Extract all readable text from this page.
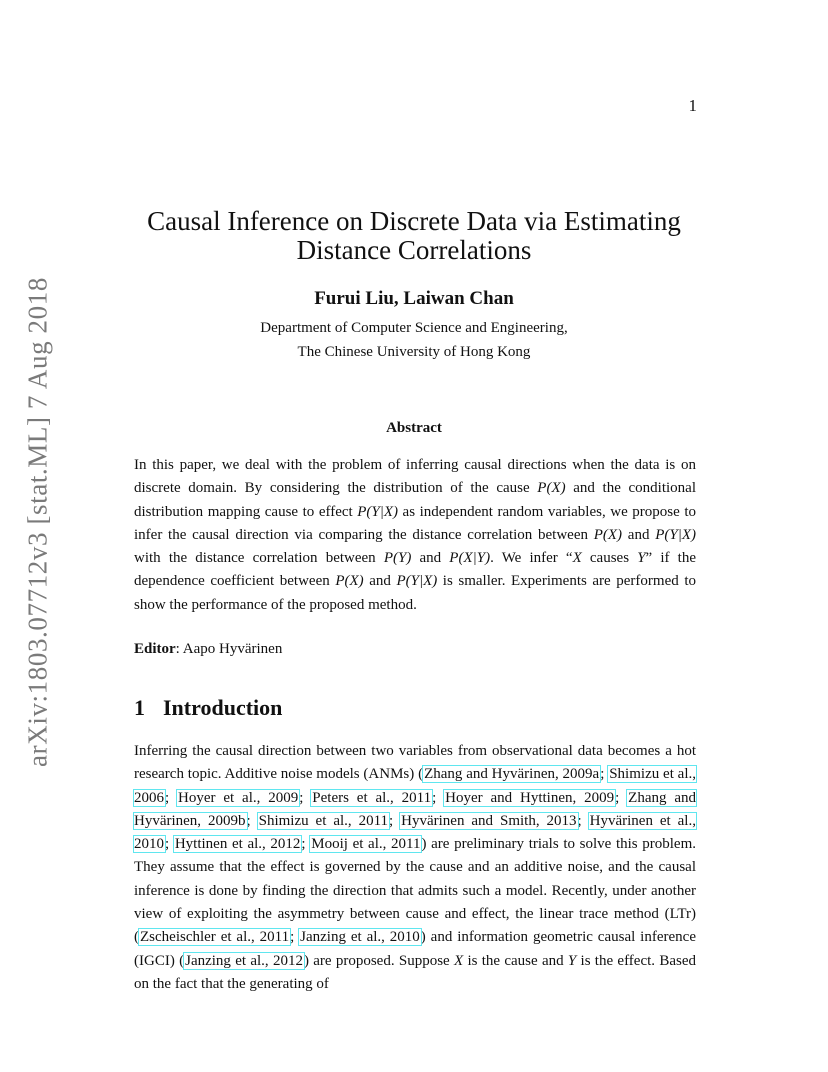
1
arXiv:1803.07712v3 [stat.ML] 7 Aug 2018
Causal Inference on Discrete Data via Estimating
Distance Correlations
Furui Liu, Laiwan Chan
Department of Computer Science and Engineering,
The Chinese University of Hong Kong
Abstract
In this paper, we deal with the problem of inferring causal directions when the data is on discrete domain. By considering the distribution of the cause P(X) and the conditional distribution mapping cause to effect P(Y|X) as independent random variables, we propose to infer the causal direction via comparing the distance correlation between P(X) and P(Y|X) with the distance correlation between P(Y) and P(X|Y). We infer “X causes Y” if the dependence coefficient between P(X) and P(Y|X) is smaller. Experiments are performed to show the performance of the proposed method.
Editor: Aapo Hyvärinen
1 Introduction
Inferring the causal direction between two variables from observational data becomes a hot research topic. Additive noise models (ANMs) (Zhang and Hyvärinen, 2009a; Shimizu et al., 2006; Hoyer et al., 2009; Peters et al., 2011; Hoyer and Hyttinen, 2009; Zhang and Hyvärinen, 2009b; Shimizu et al., 2011; Hyvärinen and Smith, 2013; Hyvärinen et al., 2010; Hyttinen et al., 2012; Mooij et al., 2011) are preliminary trials to solve this problem. They assume that the effect is governed by the cause and an additive noise, and the causal inference is done by finding the direction that admits such a model. Recently, under another view of exploiting the asymmetry between cause and effect, the linear trace method (LTr) (Zscheischler et al., 2011; Janzing et al., 2010) and information geometric causal inference (IGCI) (Janzing et al., 2012) are proposed. Suppose X is the cause and Y is the effect. Based on the fact that the generating of
